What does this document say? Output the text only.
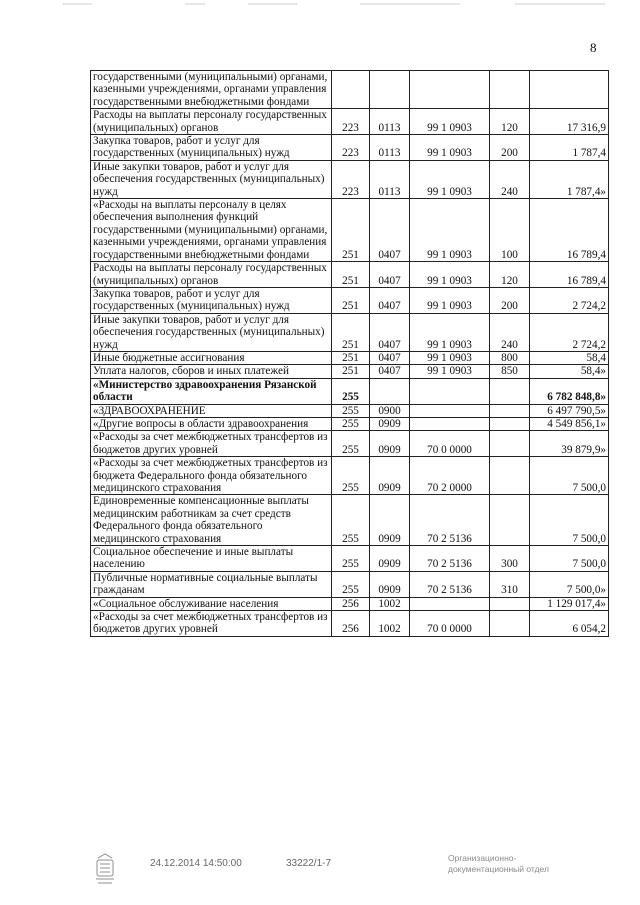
8
государственными (муниципальными) органами, казенными учреждениями, органами управления государственными внебюджетными фондами					
Расходы на выплаты персоналу государственных (муниципальных) органов	223	0113	99 1 0903	120	17 316,9
Закупка товаров, работ и услуг для государственных (муниципальных) нужд	223	0113	99 1 0903	200	1 787,4
Иные закупки товаров, работ и услуг для обеспечения государственных (муниципальных) нужд	223	0113	99 1 0903	240	1 787,4»
«Расходы на выплаты персоналу в целях обеспечения выполнения функций государственными (муниципальными) органами, казенными учреждениями, органами управления государственными внебюджетными фондами	251	0407	99 1 0903	100	16 789,4
Расходы на выплаты персоналу государственных (муниципальных) органов	251	0407	99 1 0903	120	16 789,4
Закупка товаров, работ и услуг для государственных (муниципальных) нужд	251	0407	99 1 0903	200	2 724,2
Иные закупки товаров, работ и услуг для обеспечения государственных (муниципальных) нужд	251	0407	99 1 0903	240	2 724,2
Иные бюджетные ассигнования	251	0407	99 1 0903	800	58,4
Уплата налогов, сборов и иных платежей	251	0407	99 1 0903	850	58,4»
«Министерство здравоохранения Рязанской области	255				6 782 848,8»
«ЗДРАВООХРАНЕНИЕ	255	0900			6 497 790,5»
«Другие вопросы в области здравоохранения	255	0909			4 549 856,1»
«Расходы за счет межбюджетных трансфертов из бюджетов других уровней	255	0909	70 0 0000		39 879,9»
«Расходы за счет межбюджетных трансфертов из бюджета Федерального фонда обязательного медицинского страхования	255	0909	70 2 0000		7 500,0
Единовременные компенсационные выплаты медицинским работникам за счет средств Федерального фонда обязательного медицинского страхования	255	0909	70 2 5136		7 500,0
Социальное обеспечение и иные выплаты населению	255	0909	70 2 5136	300	7 500,0
Публичные нормативные социальные выплаты гражданам	255	0909	70 2 5136	310	7 500,0»
«Социальное обслуживание населения	256	1002			1 129 017,4»
«Расходы за счет межбюджетных трансфертов из бюджетов других уровней	256	1002	70 0 0000		6 054,2
24.12.2014 14:50:00	33222/1-7	Организационно-
документационный отдел
